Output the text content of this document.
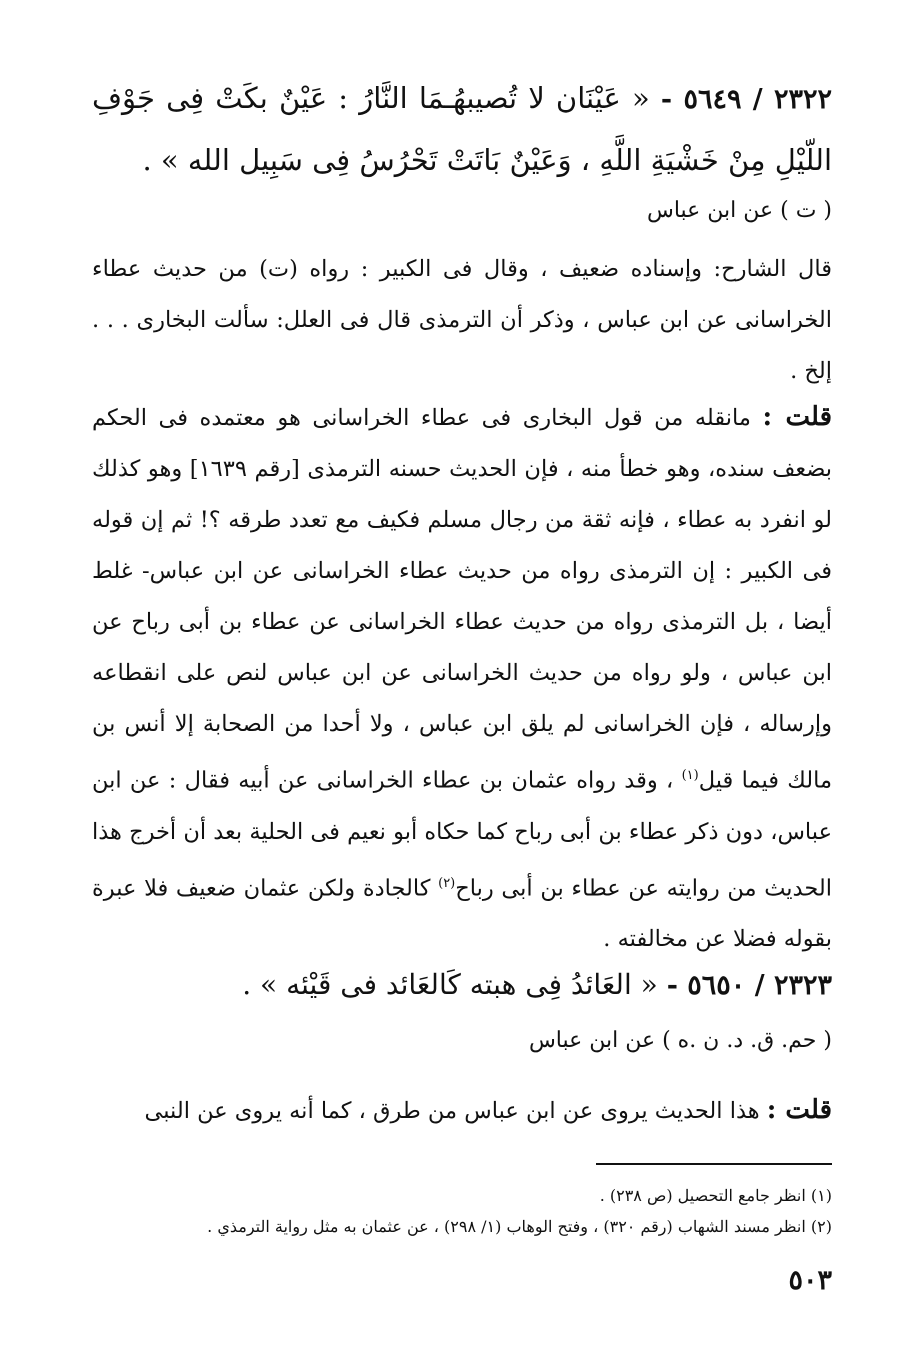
٢٣٢٢ / ٥٦٤٩ - « عَيْنَان لا تُصيبهُـمَا النَّارُ : عَيْنٌ بكَتْ فِى جَوْفِ اللّيْلِ مِنْ خَشْيَةِ اللَّهِ ، وَعَيْنٌ بَاتَتْ تَحْرُسُ فِى سَبِيل الله » .
( ت ) عن ابن عباس
قال الشارح: وإسناده ضعيف ، وقال فى الكبير : رواه (ت) من حديث عطاء الخراسانى عن ابن عباس ، وذكر أن الترمذى قال فى العلل: سألت البخارى . . . إلخ .
قلت : مانقله من قول البخارى فى عطاء الخراسانى هو معتمده فى الحكم بضعف سنده، وهو خطأ منه ، فإن الحديث حسنه الترمذى [رقم ١٦٣٩] وهو كذلك لو انفرد به عطاء ، فإنه ثقة من رجال مسلم فكيف مع تعدد طرقه ؟! ثم إن قوله فى الكبير : إن الترمذى رواه من حديث عطاء الخراسانى عن ابن عباس- غلط أيضا ، بل الترمذى رواه من حديث عطاء الخراسانى عن عطاء بن أبى رباح عن ابن عباس ، ولو رواه من حديث الخراسانى عن ابن عباس لنص على انقطاعه وإرساله ، فإن الخراسانى لم يلق ابن عباس ، ولا أحدا من الصحابة إلا أنس بن مالك فيما قيل$^{(١)}$ ، وقد رواه عثمان بن عطاء الخراسانى عن أبيه فقال : عن ابن عباس، دون ذكر عطاء بن أبى رباح كما حكاه أبو نعيم فى الحلية بعد أن أخرج هذا الحديث من روايته عن عطاء بن أبى رباح$^{(٢)}$ كالجادة ولكن عثمان ضعيف فلا عبرة بقوله فضلا عن مخالفته .
٢٣٢٣ / ٥٦٥٠ - « العَائدُ فِى هبته كَالعَائد فى قَيْئه » .
( حم. ق. د. ن .ه ) عن ابن عباس
قلت : هذا الحديث يروى عن ابن عباس من طرق ، كما أنه يروى عن النبى
(١) انظر جامع التحصيل (ص ٢٣٨) .
(٢) انظر مسند الشهاب (رقم ٣٢٠) ، وفتح الوهاب (١/ ٢٩٨) ، عن عثمان به مثل رواية الترمذي .
٥٠٣
